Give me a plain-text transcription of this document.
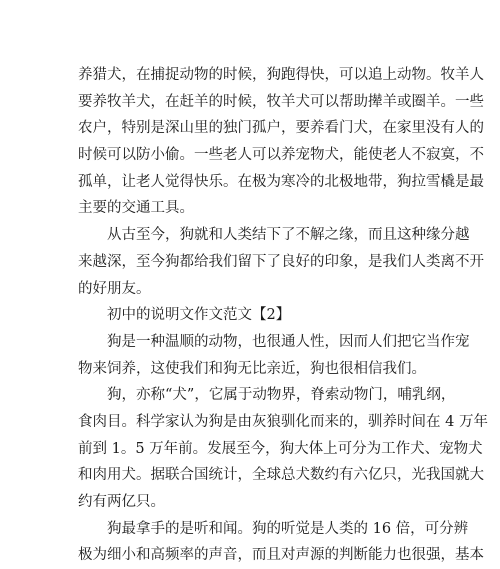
养猎犬，在捕捉动物的时候，狗跑得快，可以追上动物。牧羊人
要养牧羊犬，在赶羊的时候，牧羊犬可以帮助撵羊或圈羊。一些
农户，特别是深山里的独门孤户，要养看门犬，在家里没有人的
时候可以防小偷。一些老人可以养宠物犬，能使老人不寂寞，不
孤单，让老人觉得快乐。在极为寒冷的北极地带，狗拉雪橇是最
主要的交通工具。
从古至今，狗就和人类结下了不解之缘，而且这种缘分越
来越深，至今狗都给我们留下了良好的印象，是我们人类离不开
的好朋友。
初中的说明文作文范文【2】
狗是一种温顺的动物，也很通人性，因而人们把它当作宠
物来饲养，这使我们和狗无比亲近，狗也很相信我们。
狗，亦称“犬”，它属于动物界，脊索动物门，哺乳纲，
食肉目。科学家认为狗是由灰狼驯化而来的，驯养时间在 4 万年
前到 1。5 万年前。发展至今，狗大体上可分为工作犬、宠物犬
和肉用犬。据联合国统计，全球总犬数约有六亿只，光我国就大
约有两亿只。
狗最拿手的是听和闻。狗的听觉是人类的 16 倍，可分辨
极为细小和高频率的声音，而且对声源的判断能力也很强，基本
